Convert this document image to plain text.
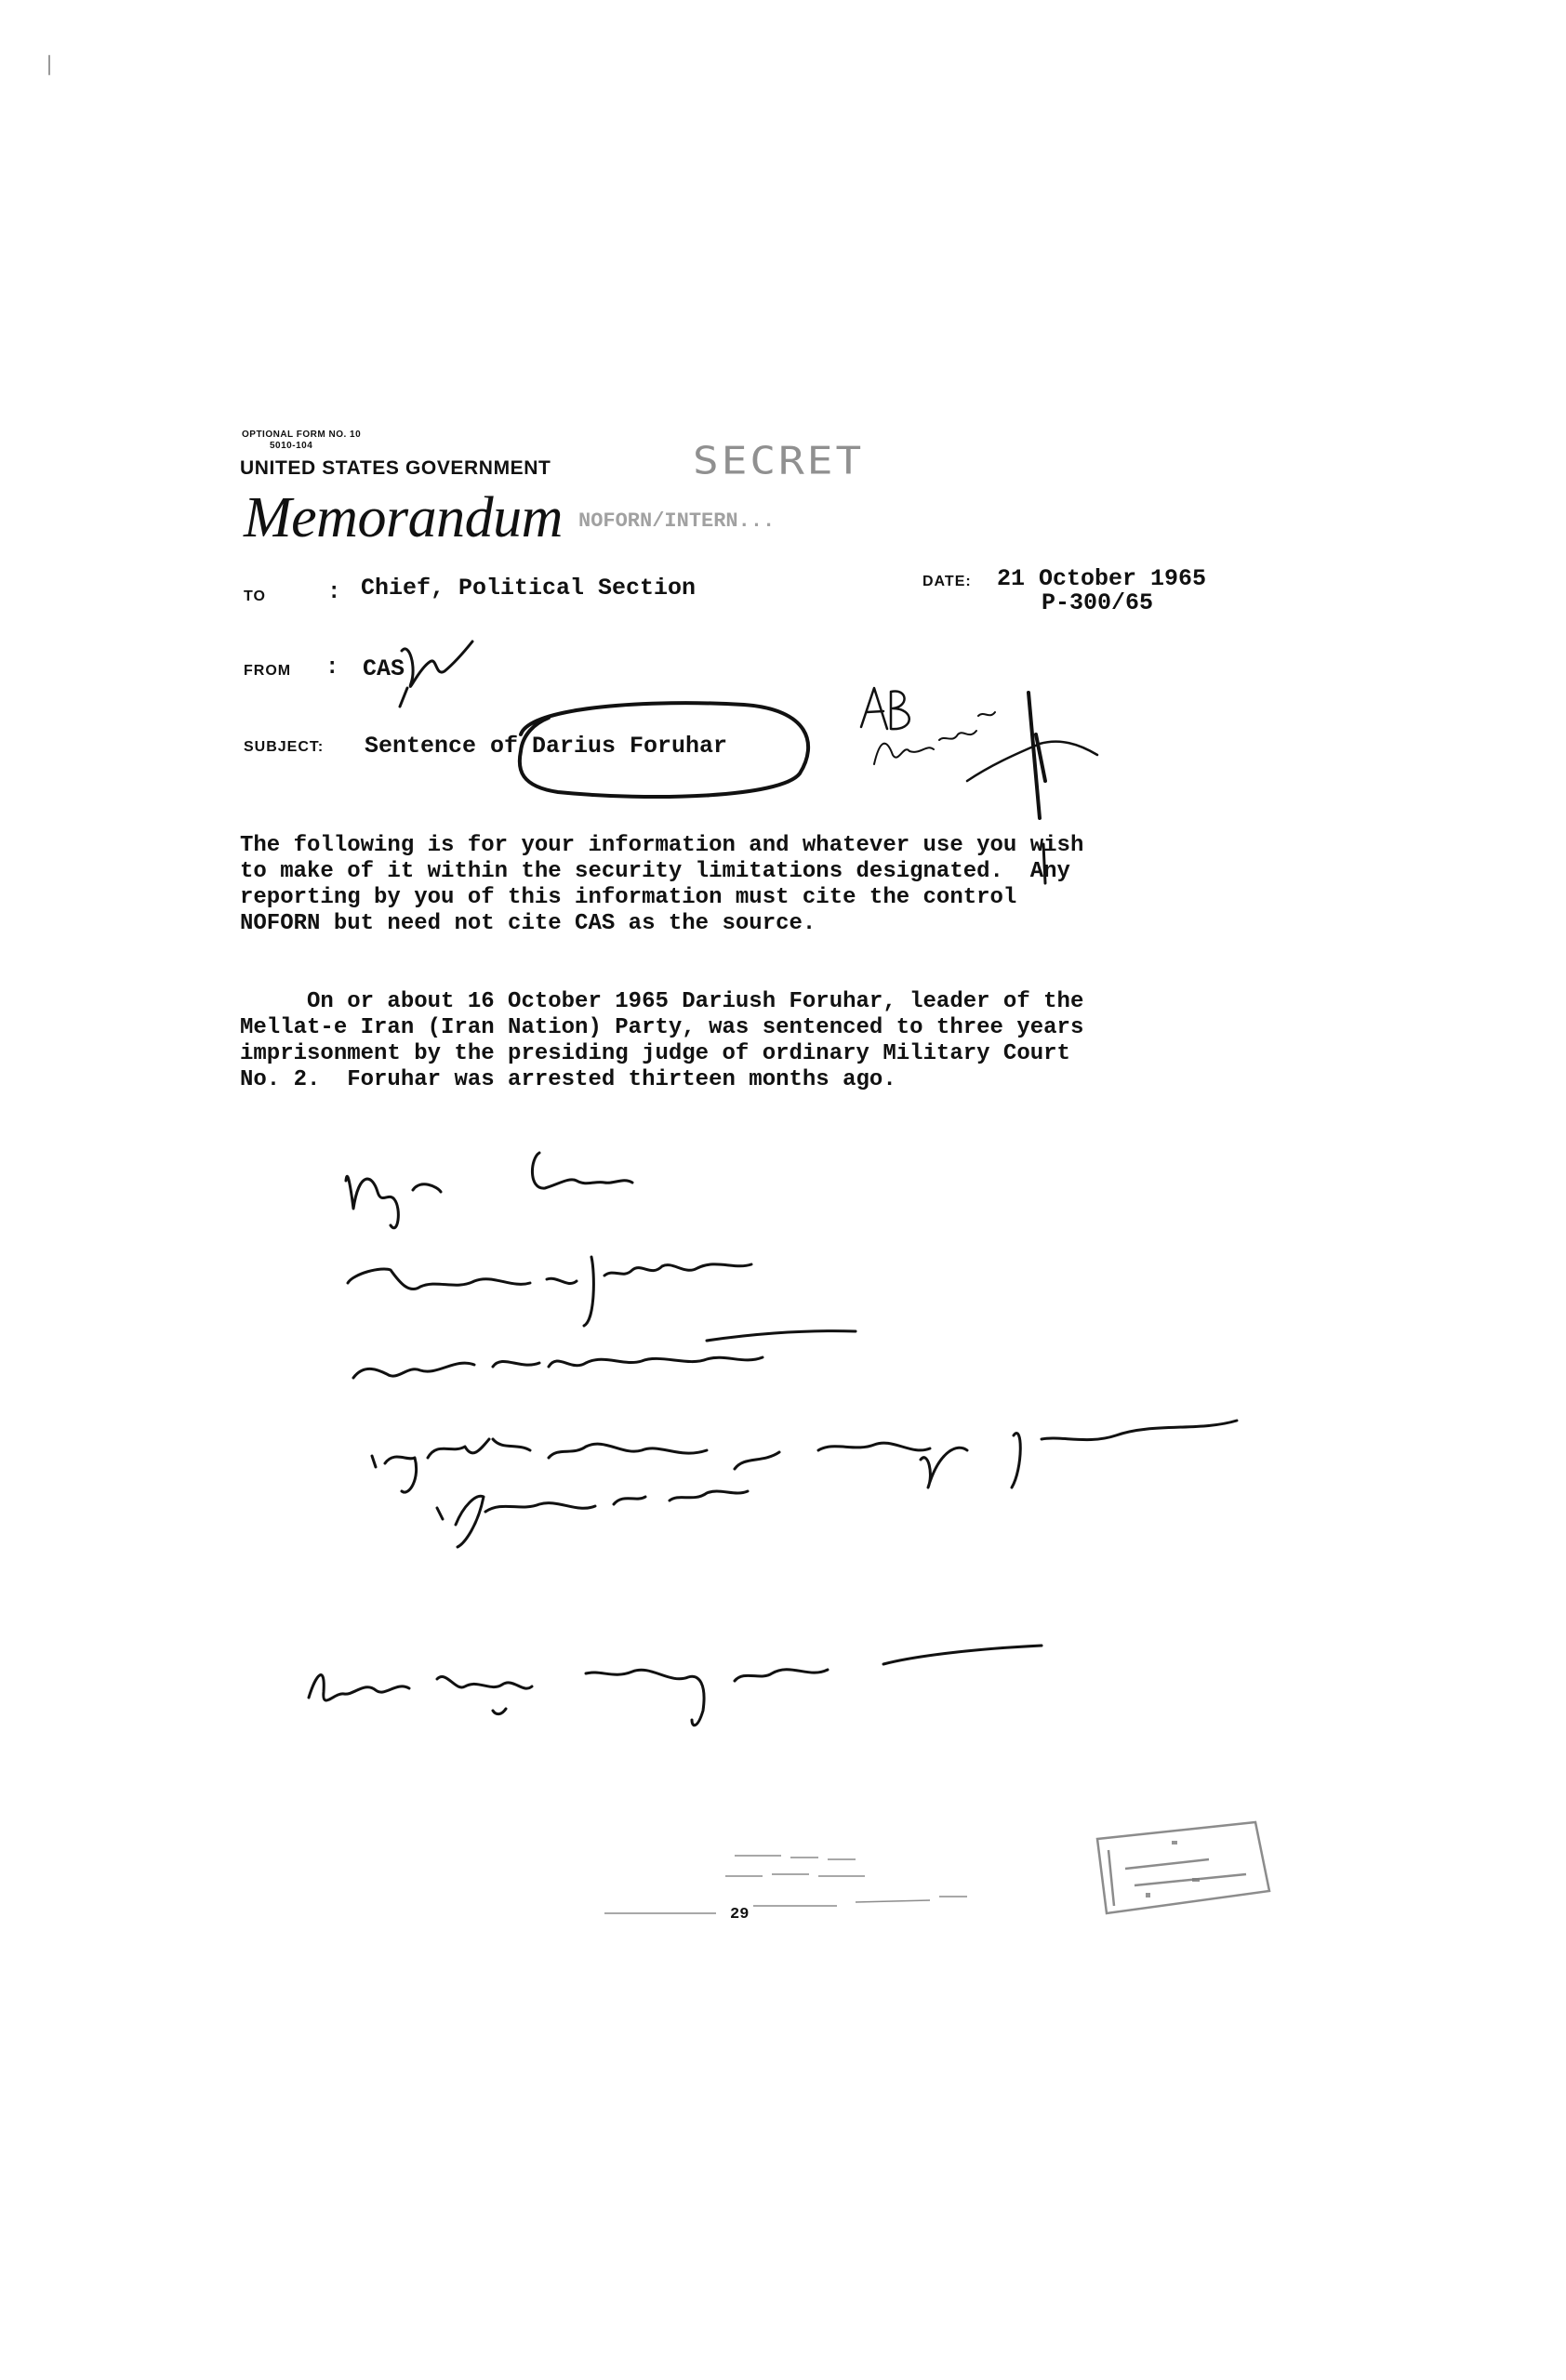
OPTIONAL FORM NO. 10
5010-104
UNITED STATES GOVERNMENT	SECRET
Memorandum NOFORN/INTERN...
TO	: Chief, Political Section	DATE: 21 October 1965
P-300/65
FROM : CAS
SUBJECT: Sentence of Darius Foruhar
The following is for your information and whatever use you wish
to make of it within the security limitations designated.  Any
reporting by you of this information must cite the control
NOFORN but need not cite CAS as the source.
On or about 16 October 1965 Dariush Foruhar, leader of the
Mellat-e Iran (Iran Nation) Party, was sentenced to three years
imprisonment by the presiding judge of ordinary Military Court
No. 2.  Foruhar was arrested thirteen months ago.
29
